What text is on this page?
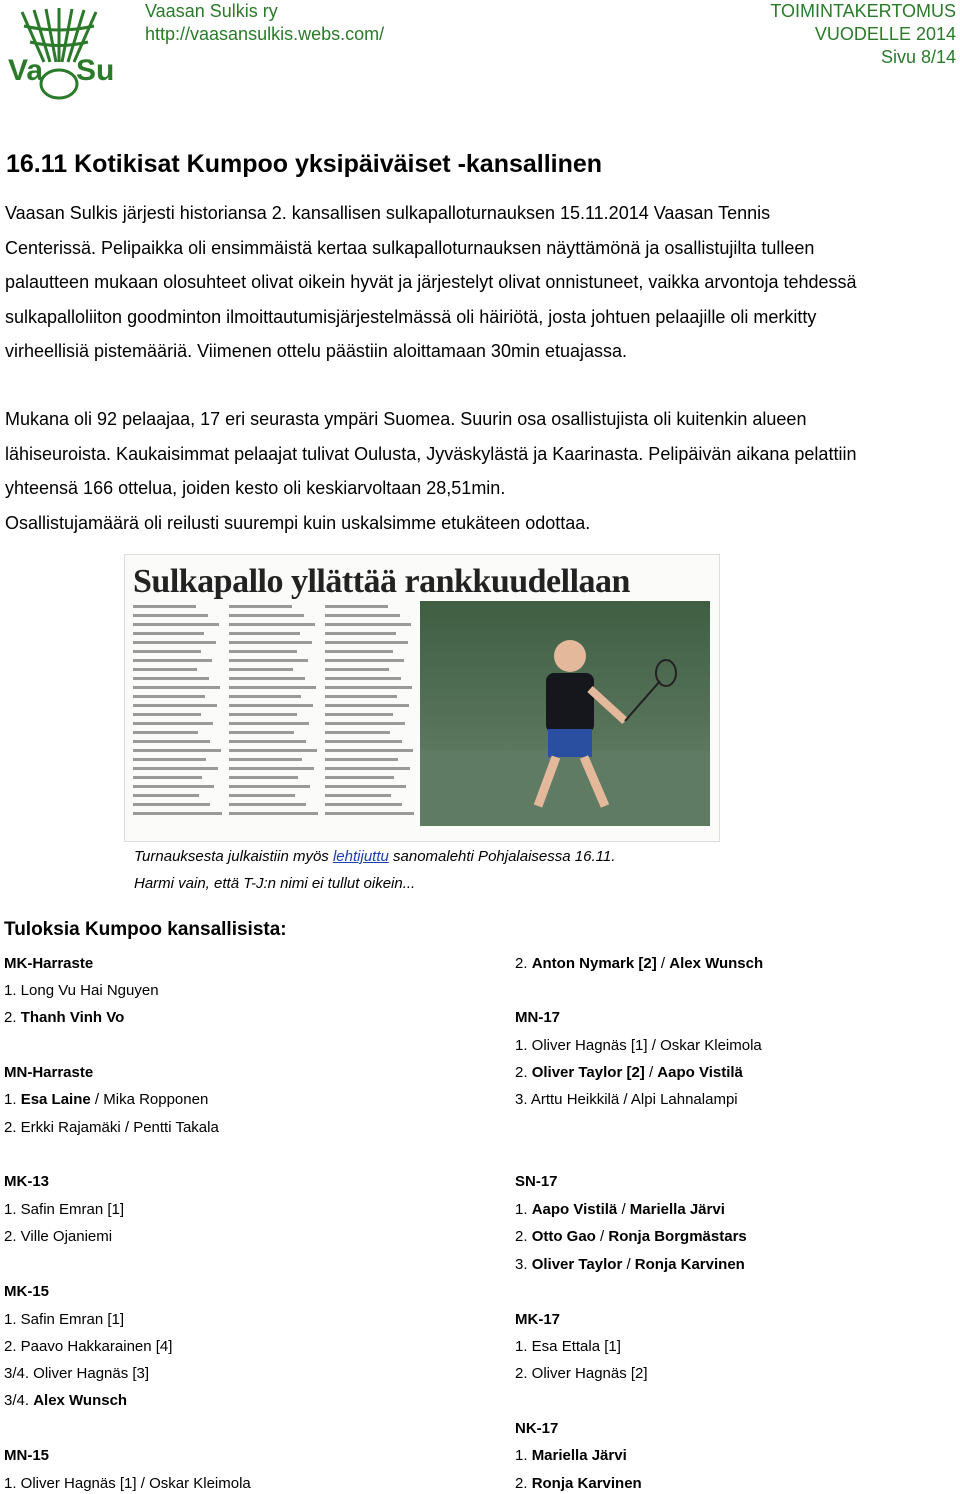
Va Su
Vaasan Sulkis ry
http://vaasansulkis.webs.com/
TOIMINTAKERTOMUS
VUODELLE 2014
Sivu 8/14
16.11 Kotikisat Kumpoo yksipäiväiset -kansallinen
Vaasan Sulkis järjesti historiansa 2. kansallisen sulkapalloturnauksen 15.11.2014 Vaasan Tennis
Centerissä. Pelipaikka oli ensimmäistä kertaa sulkapalloturnauksen näyttämönä ja osallistujilta tulleen
palautteen mukaan olosuhteet olivat oikein hyvät ja järjestelyt olivat onnistuneet, vaikka arvontoja tehdessä
sulkapalloliiton goodminton ilmoittautumisjärjestelmässä oli häiriötä, josta johtuen pelaajille oli merkitty
virheellisiä pistemääriä. Viimenen ottelu päästiin aloittamaan 30min etuajassa.
Mukana oli 92 pelaajaa, 17 eri seurasta ympäri Suomea. Suurin osa osallistujista oli kuitenkin alueen
lähiseuroista. Kaukaisimmat pelaajat tulivat Oulusta, Jyväskylästä ja Kaarinasta. Pelipäivän aikana pelattiin
yhteensä 166 ottelua, joiden kesto oli keskiarvoltaan 28,51min.
Osallistujamäärä oli reilusti suurempi kuin uskalsimme etukäteen odottaa.
Sulkapallo yllättää rankkuudellaan
Turnauksesta julkaistiin myös lehtijuttu sanomalehti Pohjalaisessa 16.11.
Harmi vain, että T-J:n nimi ei tullut oikein...
Tuloksia Kumpoo kansallisista:
MK-Harraste
1. Long Vu Hai Nguyen
2. Thanh Vinh Vo
MN-Harraste
1. Esa Laine / Mika Ropponen
2. Erkki Rajamäki / Pentti Takala
MK-13
1. Safin Emran [1]
2. Ville Ojaniemi
MK-15
1. Safin Emran [1]
2. Paavo Hakkarainen [4]
3/4. Oliver Hagnäs [3]
3/4. Alex Wunsch
MN-15
1. Oliver Hagnäs [1] / Oskar Kleimola
2. Anton Nymark [2] / Alex Wunsch
MN-17
1. Oliver Hagnäs [1] / Oskar Kleimola
2. Oliver Taylor [2] / Aapo Vistilä
3. Arttu Heikkilä / Alpi Lahnalampi
SN-17
1. Aapo Vistilä / Mariella Järvi
2. Otto Gao / Ronja Borgmästars
3. Oliver Taylor / Ronja Karvinen
MK-17
1. Esa Ettala [1]
2. Oliver Hagnäs [2]
NK-17
1. Mariella Järvi
2. Ronja Karvinen
